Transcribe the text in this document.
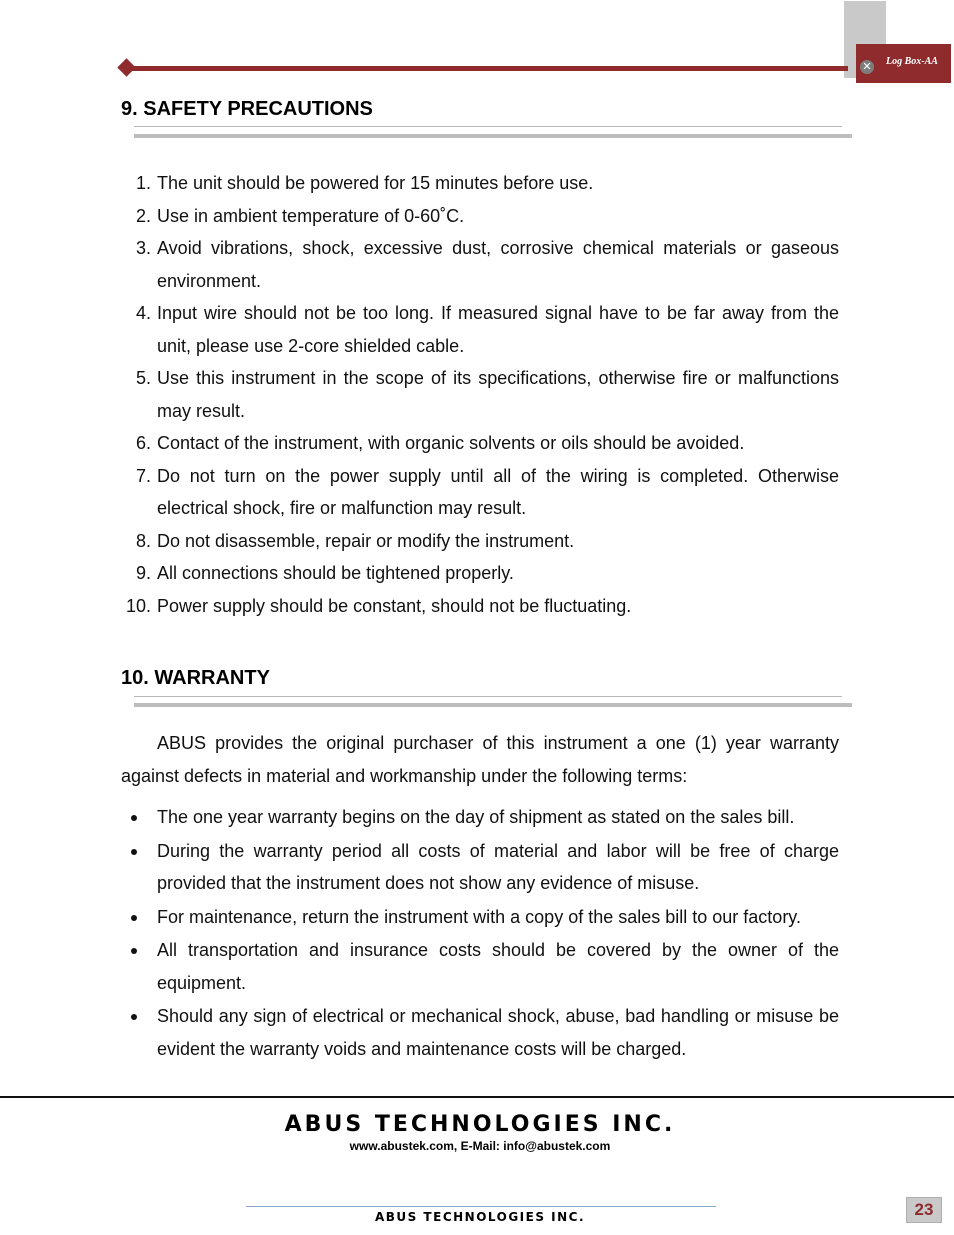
Log Box-AA
✕
9. SAFETY PRECAUTIONS
1. The unit should be powered for 15 minutes before use.
2. Use in ambient temperature of 0-60˚C.
3. Avoid vibrations, shock, excessive dust, corrosive chemical materials or gaseous environment.
4. Input wire should not be too long. If measured signal have to be far away from the unit, please use 2-core shielded cable.
5. Use this instrument in the scope of its specifications, otherwise fire or malfunctions may result.
6. Contact of the instrument, with organic solvents or oils should be avoided.
7. Do not turn on the power supply until all of the wiring is completed. Otherwise electrical shock, fire or malfunction may result.
8. Do not disassemble, repair or modify the instrument.
9. All connections should be tightened properly.
10. Power supply should be constant, should not be fluctuating.
10. WARRANTY

ABUS provides the original purchaser of this instrument a one (1) year warranty against defects in material and workmanship under the following terms:

The one year warranty begins on the day of shipment as stated on the sales bill.
During the warranty period all costs of material and labor will be free of charge provided that the instrument does not show any evidence of misuse.
For maintenance, return the instrument with a copy of the sales bill to our factory.
All transportation and insurance costs should be covered by the owner of the equipment.
Should any sign of electrical or mechanical shock, abuse, bad handling or misuse be evident the warranty voids and maintenance costs will be charged.
ABUS TECHNOLOGIES INC.
www.abustek.com, E-Mail: info@abustek.com
ABUS TECHNOLOGIES INC.	23
